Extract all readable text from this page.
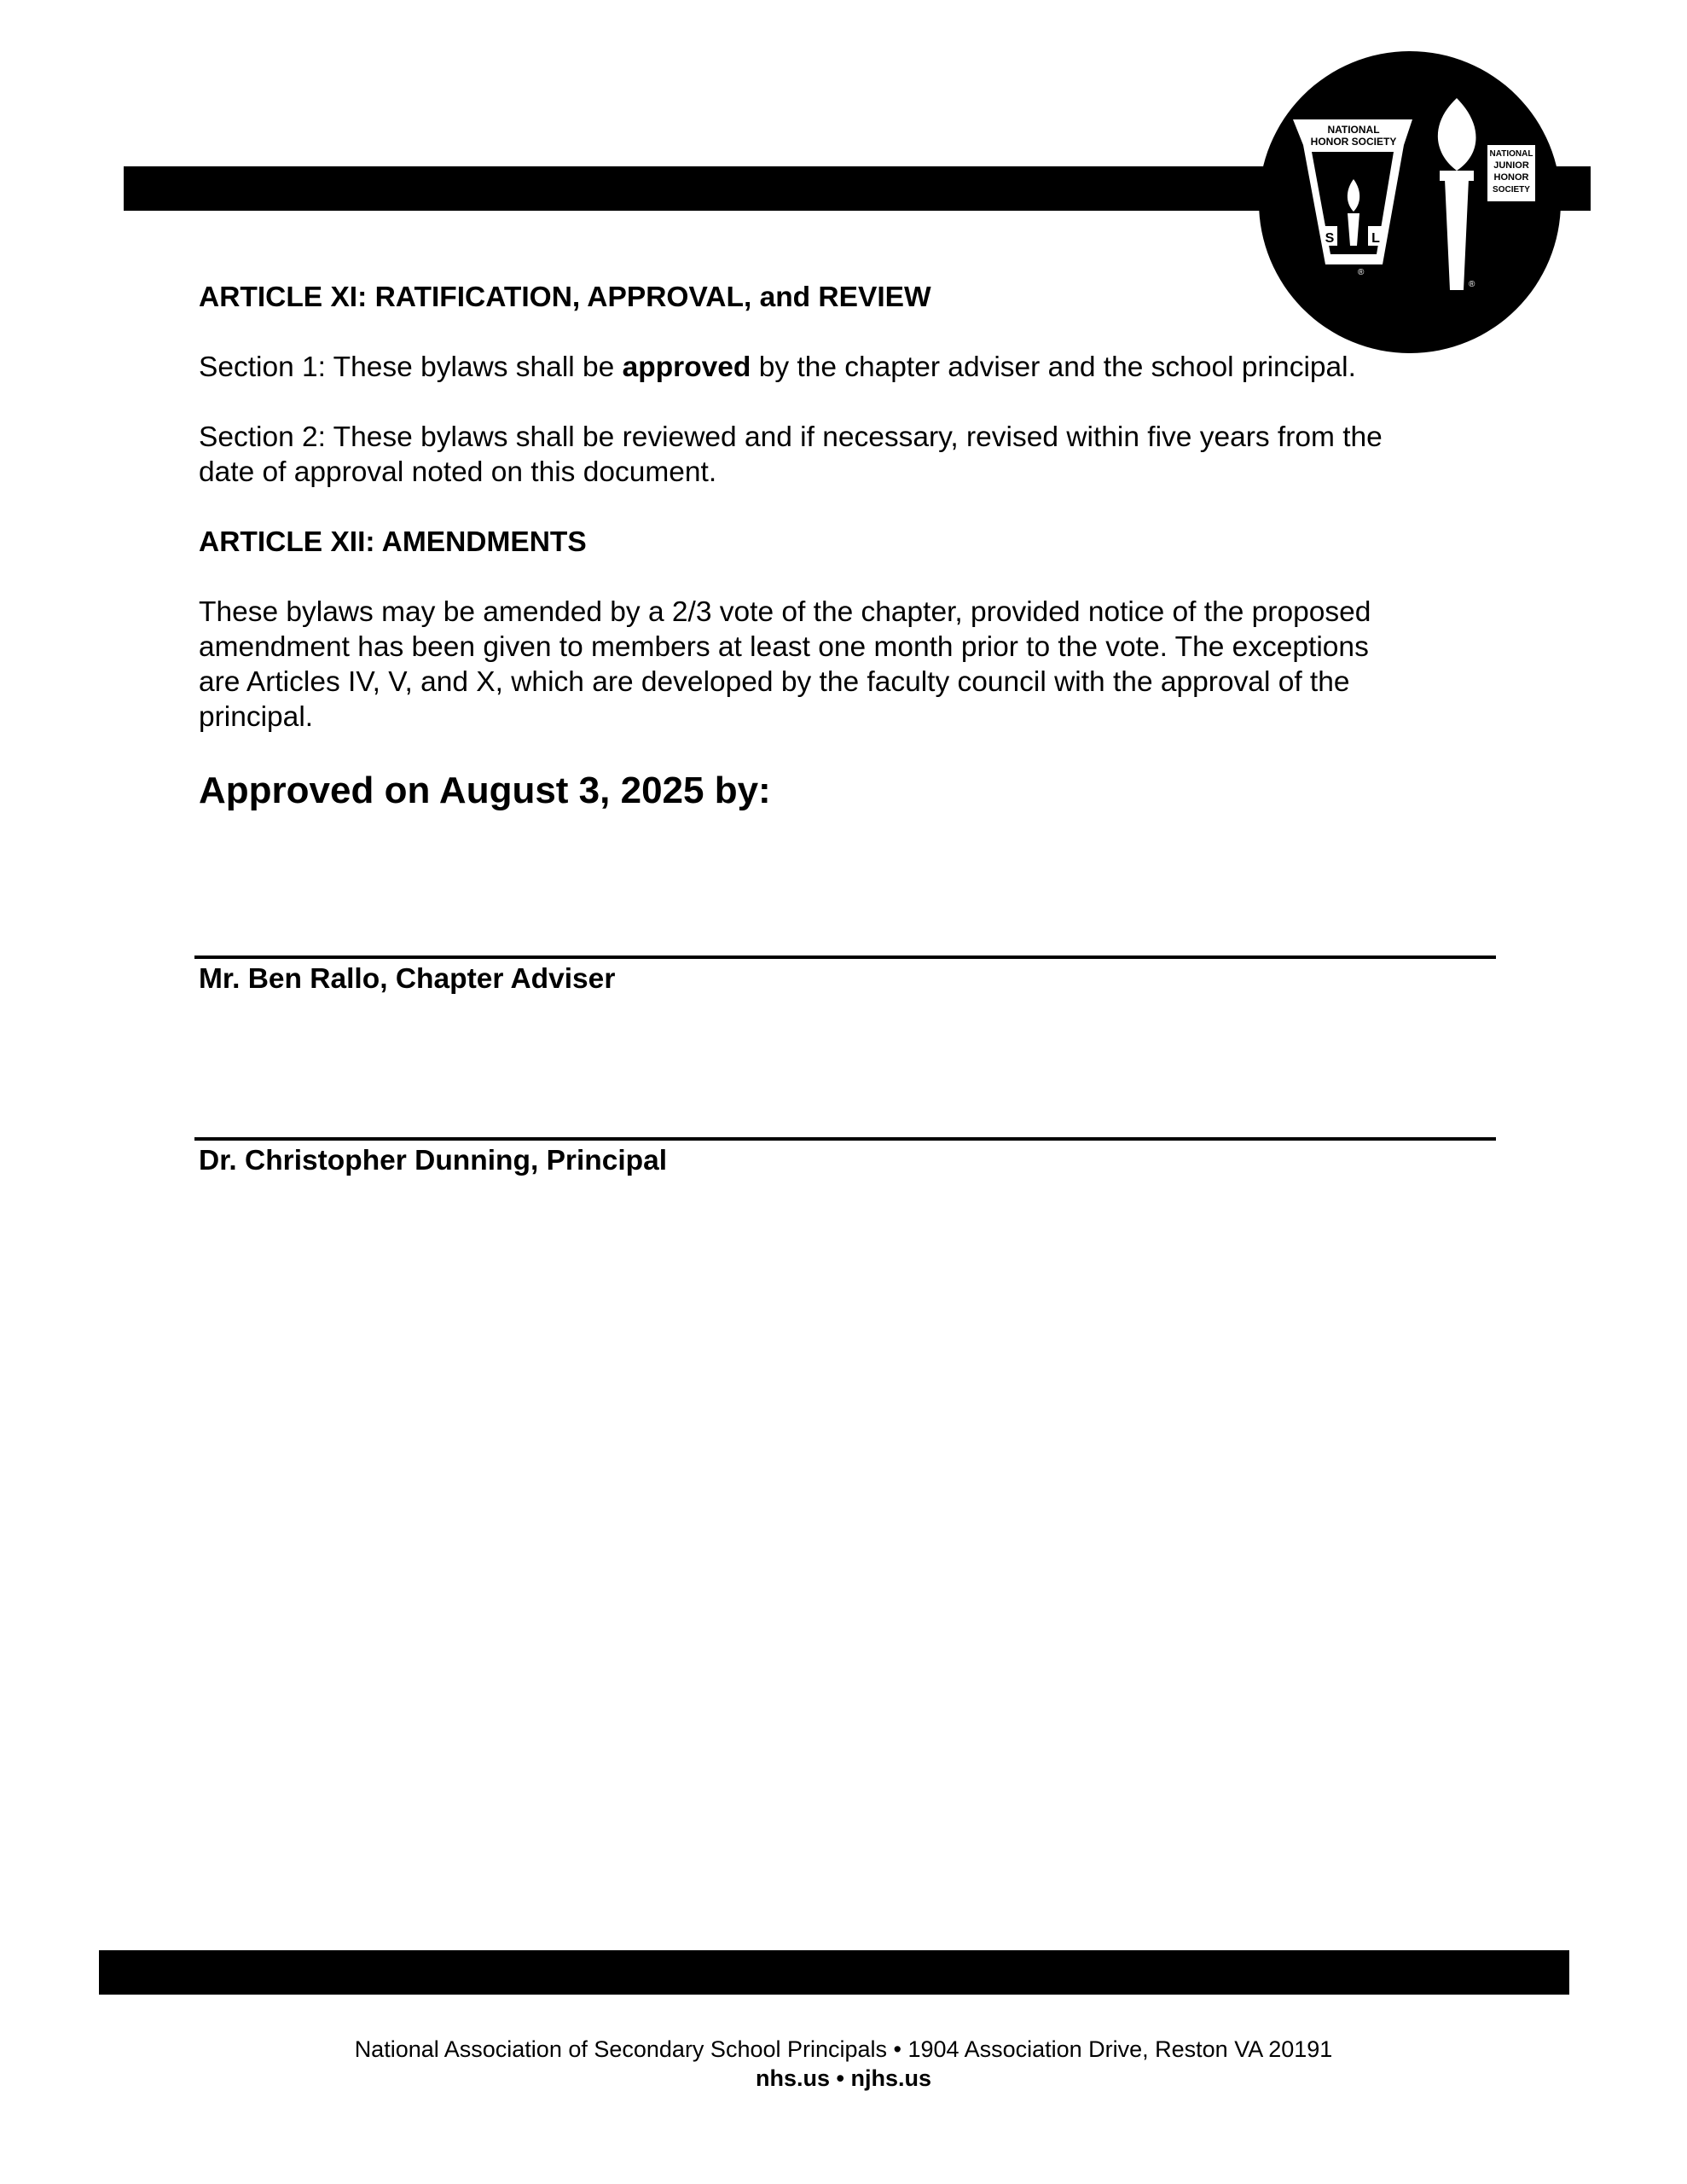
NATIONAL
HONOR SOCIETY
S	L
NATIONAL
JUNIOR
HONOR
SOCIETY
®
®
ARTICLE XI: RATIFICATION, APPROVAL, and REVIEW
Section 1: These bylaws shall be approved by the chapter adviser and the school principal.
Section 2: These bylaws shall be reviewed and if necessary, revised within five years from the
date of approval noted on this document.
ARTICLE XII: AMENDMENTS
These bylaws may be amended by a 2/3 vote of the chapter, provided notice of the proposed
amendment has been given to members at least one month prior to the vote. The exceptions
are Articles IV, V, and X, which are developed by the faculty council with the approval of the
principal.
Approved on August 3, 2025 by:
Mr. Ben Rallo, Chapter Adviser
Dr. Christopher Dunning, Principal
National Association of Secondary School Principals • 1904 Association Drive, Reston VA 20191
nhs.us • njhs.us
